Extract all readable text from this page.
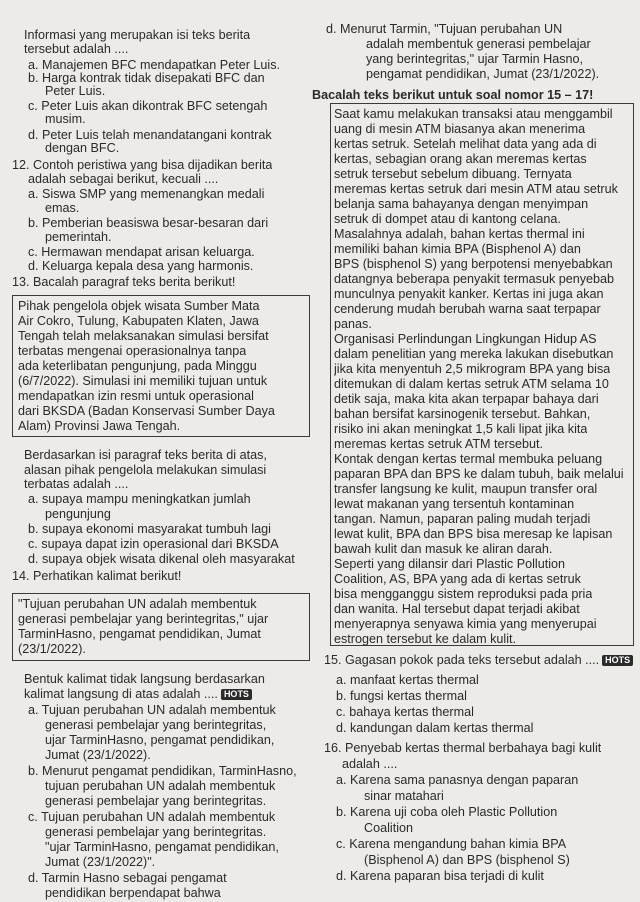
kalimat langsung di atas adalah .... HOTS
Informasi yang merupakan isi teks berita
tersebut adalah ....
a. Manajemen BFC mendapatkan Peter Luis.
b. Harga kontrak tidak disepakati BFC dan
Peter Luis.
c. Peter Luis akan dikontrak BFC setengah
musim.
d. Peter Luis telah menandatangani kontrak
dengan BFC.
12. Contoh peristiwa yang bisa dijadikan berita
adalah sebagai berikut, kecuali ....
a. Siswa SMP yang memenangkan medali
emas.
b. Pemberian beasiswa besar-besaran dari
pemerintah.
c. Hermawan mendapat arisan keluarga.
d. Keluarga kepala desa yang harmonis.
13. Bacalah paragraf teks berita berikut!
Berdasarkan isi paragraf teks berita di atas,
alasan pihak pengelola melakukan simulasi
terbatas adalah ....
a. supaya mampu meningkatkan jumlah
pengunjung
b. supaya ekonomi masyarakat tumbuh lagi
c. supaya dapat izin operasional dari BKSDA
d. supaya objek wisata dikenal oleh masyarakat
14. Perhatikan kalimat berikut!
Bentuk kalimat tidak langsung berdasarkan
a. Tujuan perubahan UN adalah membentuk
generasi pembelajar yang berintegritas,
ujar TarminHasno, pengamat pendidikan,
Jumat (23/1/2022).
b. Menurut pengamat pendidikan, TarminHasno,
tujuan perubahan UN adalah membentuk
generasi pembelajar yang berintegritas.
c. Tujuan perubahan UN adalah membentuk
generasi pembelajar yang berintegritas.
"ujar TarminHasno, pengamat pendidikan,
Jumat (23/1/2022)".
d. Tarmin Hasno sebagai pengamat
pendidikan berpendapat bahwa
Pihak pengelola objek wisata Sumber Mata
Air Cokro, Tulung, Kabupaten Klaten, Jawa
Tengah telah melaksanakan simulasi bersifat
terbatas mengenai operasionalnya tanpa
ada keterlibatan pengunjung, pada Minggu
(6/7/2022). Simulasi ini memiliki tujuan untuk
mendapatkan izin resmi untuk operasional
dari BKSDA (Badan Konservasi Sumber Daya
Alam) Provinsi Jawa Tengah.
"Tujuan perubahan UN adalah membentuk
generasi pembelajar yang berintegritas," ujar
TarminHasno, pengamat pendidikan, Jumat
(23/1/2022).
Bacalah teks berikut untuk soal nomor 15 – 17!
15. Gagasan pokok pada teks tersebut adalah .... HOTS
d. Menurut Tarmin, "Tujuan perubahan UN
adalah membentuk generasi pembelajar
yang berintegritas," ujar Tarmin Hasno,
pengamat pendidikan, Jumat (23/1/2022).
Saat kamu melakukan transaksi atau menggambil
uang di mesin ATM biasanya akan menerima
kertas setruk. Setelah melihat data yang ada di
kertas, sebagian orang akan meremas kertas
setruk tersebut sebelum dibuang. Ternyata
meremas kertas setruk dari mesin ATM atau setruk
belanja sama bahayanya dengan menyimpan
setruk di dompet atau di kantong celana.
Masalahnya adalah, bahan kertas thermal ini
memiliki bahan kimia BPA (Bisphenol A) dan
BPS (bisphenol S) yang berpotensi menyebabkan
datangnya beberapa penyakit termasuk penyebab
munculnya penyakit kanker. Kertas ini juga akan
cenderung mudah berubah warna saat terpapar
panas.
Organisasi Perlindungan Lingkungan Hidup AS
dalam penelitian yang mereka lakukan disebutkan
jika kita menyentuh 2,5 mikrogram BPA yang bisa
ditemukan di dalam kertas setruk ATM selama 10
detik saja, maka kita akan terpapar bahaya dari
bahan bersifat karsinogenik tersebut. Bahkan,
risiko ini akan meningkat 1,5 kali lipat jika kita
meremas kertas setruk ATM tersebut.
Kontak dengan kertas termal membuka peluang
paparan BPA dan BPS ke dalam tubuh, baik melalui
transfer langsung ke kulit, maupun transfer oral
lewat makanan yang tersentuh kontaminan
tangan. Namun, paparan paling mudah terjadi
lewat kulit, BPA dan BPS bisa meresap ke lapisan
bawah kulit dan masuk ke aliran darah.
Seperti yang dilansir dari Plastic Pollution
Coalition, AS, BPA yang ada di kertas setruk
bisa mengganggu sistem reproduksi pada pria
dan wanita. Hal tersebut dapat terjadi akibat
menyerapnya senyawa kimia yang menyerupai
estrogen tersebut ke dalam kulit.
a. manfaat kertas thermal
b. fungsi kertas thermal
c. bahaya kertas thermal
d. kandungan dalam kertas thermal
16. Penyebab kertas thermal berbahaya bagi kulit
adalah ....
a. Karena sama panasnya dengan paparan
sinar matahari
b. Karena uji coba oleh Plastic Pollution
Coalition
c. Karena mengandung bahan kimia BPA
(Bisphenol A) dan BPS (bisphenol S)
d. Karena paparan bisa terjadi di kulit
